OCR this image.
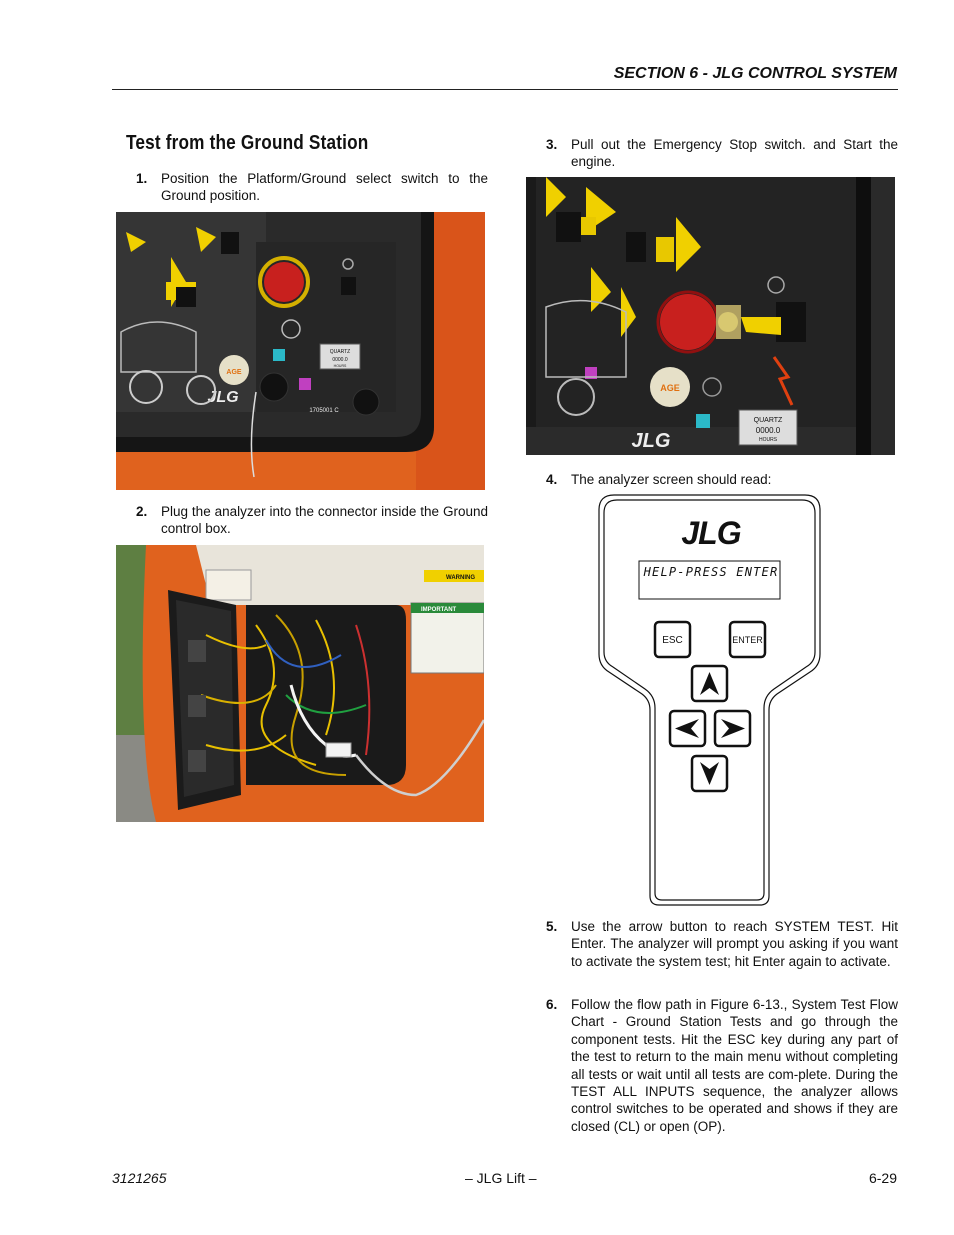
SECTION 6 - JLG CONTROL SYSTEM
Test from the Ground Station
1. Position the Platform/Ground select switch to the Ground position.
QUARTZ
0000.0
HOURS
1705001 C
AGE
JLG
2. Plug the analyzer into the connector inside the Ground control box.
WARNING
IMPORTANT
3. Pull out the Emergency Stop switch. and Start the engine.
AGE
QUARTZ
0000.0
HOURS
JLG
4. The analyzer screen should read:
JLG
HELP-PRESS ENTER
ESC	ENTER
5. Use the arrow button to reach SYSTEM TEST. Hit Enter. The analyzer will prompt you asking if you want to activate the system test; hit Enter again to activate.
6. Follow the flow path in Figure 6-13., System Test Flow Chart - Ground Station Tests and go through the component tests. Hit the ESC key during any part of the test to return to the main menu without completing all tests or wait until all tests are com-plete. During the TEST ALL INPUTS sequence, the analyzer allows control switches to be operated and shows if they are closed (CL) or open (OP).
3121265	– JLG Lift –	6-29
